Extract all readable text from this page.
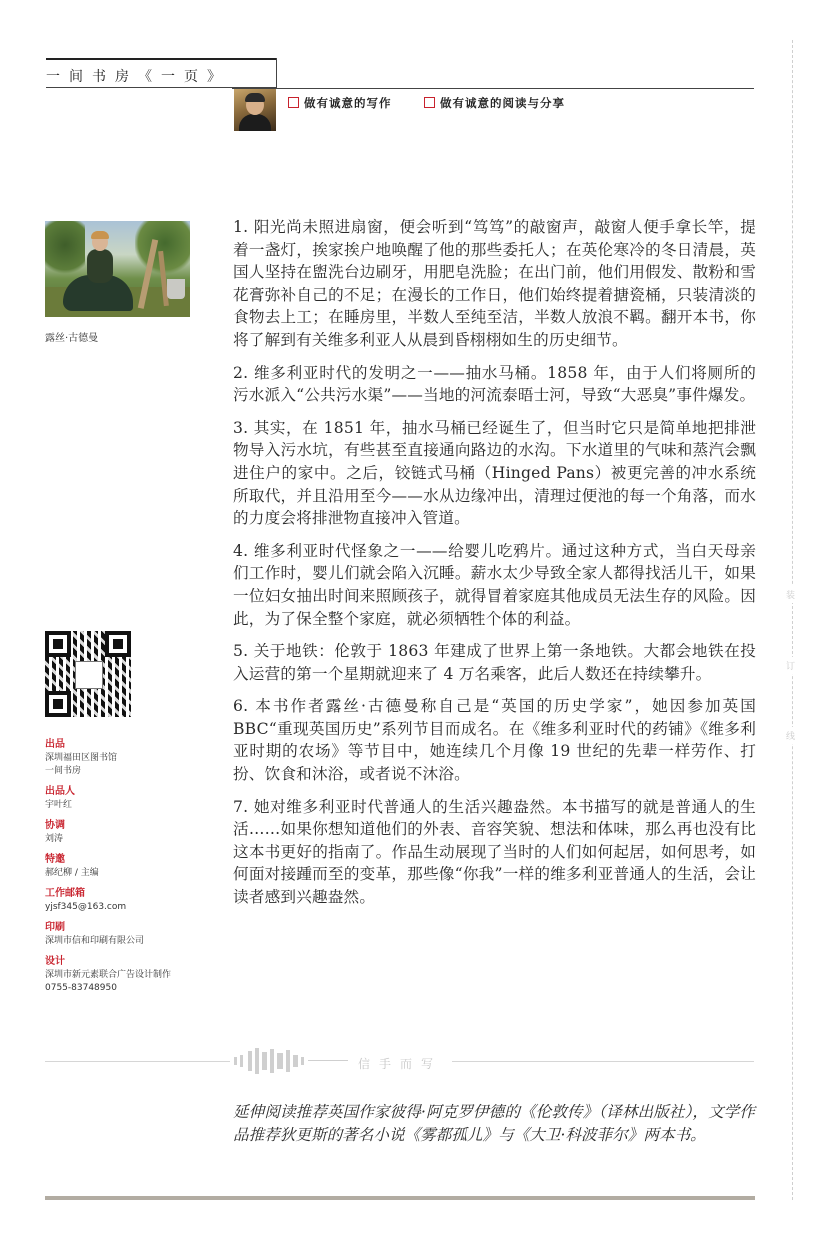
一间书房《一页》
做有诚意的写作	做有诚意的阅读与分享
露丝·古德曼
出品
深圳福田区图书馆
一间书房
出品人
宇叶红
协调
刘涛
特邀
郝纪柳 / 主编
工作邮箱
yjsf345@163.com
印刷
深圳市信和印刷有限公司
设计
深圳市新元素联合广告设计制作
0755-83748950

1. 阳光尚未照进扇窗，便会听到“笃笃”的敲窗声，敲窗人便手拿长竿，提着一盏灯，挨家挨户地唤醒了他的那些委托人；在英伦寒冷的冬日清晨，英国人坚持在盥洗台边刷牙，用肥皂洗脸；在出门前，他们用假发、散粉和雪花膏弥补自己的不足；在漫长的工作日，他们始终提着搪瓷桶，只装清淡的食物去上工；在睡房里，半数人至纯至洁，半数人放浪不羁。翻开本书，你将了解到有关维多利亚人从晨到昏栩栩如生的历史细节。

2. 维多利亚时代的发明之一——抽水马桶。1858 年，由于人们将厕所的污水派入“公共污水渠”——当地的河流泰晤士河，导致“大恶臭”事件爆发。

3. 其实，在 1851 年，抽水马桶已经诞生了，但当时它只是简单地把排泄物导入污水坑，有些甚至直接通向路边的水沟。下水道里的气味和蒸汽会飘进住户的家中。之后，铰链式马桶（Hinged Pans）被更完善的冲水系统所取代，并且沿用至今——水从边缘冲出，清理过便池的每一个角落，而水的力度会将排泄物直接冲入管道。

4. 维多利亚时代怪象之一——给婴儿吃鸦片。通过这种方式，当白天母亲们工作时，婴儿们就会陷入沉睡。薪水太少导致全家人都得找活儿干，如果一位妇女抽出时间来照顾孩子，就得冒着家庭其他成员无法生存的风险。因此，为了保全整个家庭，就必须牺牲个体的利益。

5. 关于地铁：伦敦于 1863 年建成了世界上第一条地铁。大都会地铁在投入运营的第一个星期就迎来了 4 万名乘客，此后人数还在持续攀升。

6. 本书作者露丝·古德曼称自己是“英国的历史学家”，她因参加英国 BBC“重现英国历史”系列节目而成名。在《维多利亚时代的药铺》《维多利亚时期的农场》等节目中，她连续几个月像 19 世纪的先辈一样劳作、打扮、饮食和沐浴，或者说不沐浴。

7. 她对维多利亚时代普通人的生活兴趣盎然。本书描写的就是普通人的生活……如果你想知道他们的外表、音容笑貌、想法和体味，那么再也没有比这本书更好的指南了。作品生动展现了当时的人们如何起居，如何思考，如何面对接踵而至的变革，那些像“你我”一样的维多利亚普通人的生活，会让读者感到兴趣盎然。

信手而写
延伸阅读推荐英国作家彼得·阿克罗伊德的《伦敦传》（译林出版社），文学作品推荐狄更斯的著名小说《雾都孤儿》与《大卫·科波菲尔》两本书。
装
订
线
